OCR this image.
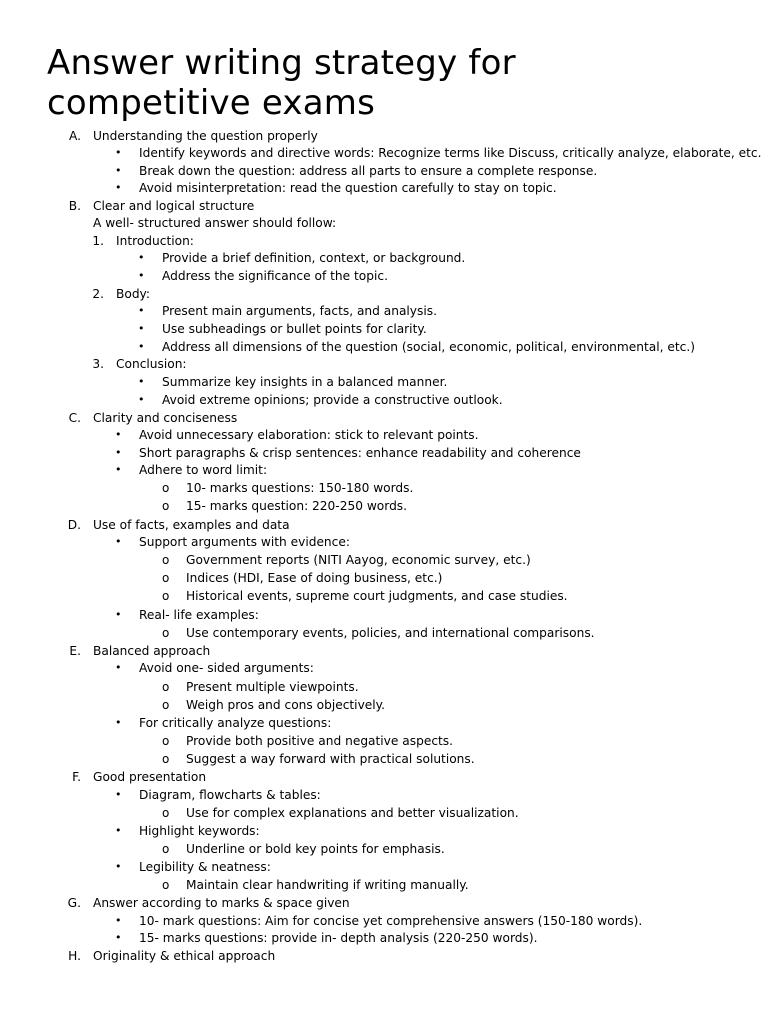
Answer writing strategy for competitive exams
A. Understanding the question properly
• Identify keywords and directive words: Recognize terms like Discuss, critically analyze, elaborate, etc.
• Break down the question: address all parts to ensure a complete response.
• Avoid misinterpretation: read the question carefully to stay on topic.
B. Clear and logical structure
A well- structured answer should follow:
1. Introduction:
• Provide a brief definition, context, or background.
• Address the significance of the topic.
2. Body:
• Present main arguments, facts, and analysis.
• Use subheadings or bullet points for clarity.
• Address all dimensions of the question (social, economic, political, environmental, etc.)
3. Conclusion:
• Summarize key insights in a balanced manner.
• Avoid extreme opinions; provide a constructive outlook.
C. Clarity and conciseness
• Avoid unnecessary elaboration: stick to relevant points.
• Short paragraphs & crisp sentences: enhance readability and coherence
• Adhere to word limit:
o 10- marks questions: 150-180 words.
o 15- marks question: 220-250 words.
D. Use of facts, examples and data
• Support arguments with evidence:
o Government reports (NITI Aayog, economic survey, etc.)
o Indices (HDI, Ease of doing business, etc.)
o Historical events, supreme court judgments, and case studies.
• Real- life examples:
o Use contemporary events, policies, and international comparisons.
E. Balanced approach
• Avoid one- sided arguments:
o Present multiple viewpoints.
o Weigh pros and cons objectively.
• For critically analyze questions:
o Provide both positive and negative aspects.
o Suggest a way forward with practical solutions.
F. Good presentation
• Diagram, flowcharts & tables:
o Use for complex explanations and better visualization.
• Highlight keywords:
o Underline or bold key points for emphasis.
• Legibility & neatness:
o Maintain clear handwriting if writing manually.
G. Answer according to marks & space given
• 10- mark questions: Aim for concise yet comprehensive answers (150-180 words).
• 15- marks questions: provide in- depth analysis (220-250 words).
H. Originality & ethical approach
